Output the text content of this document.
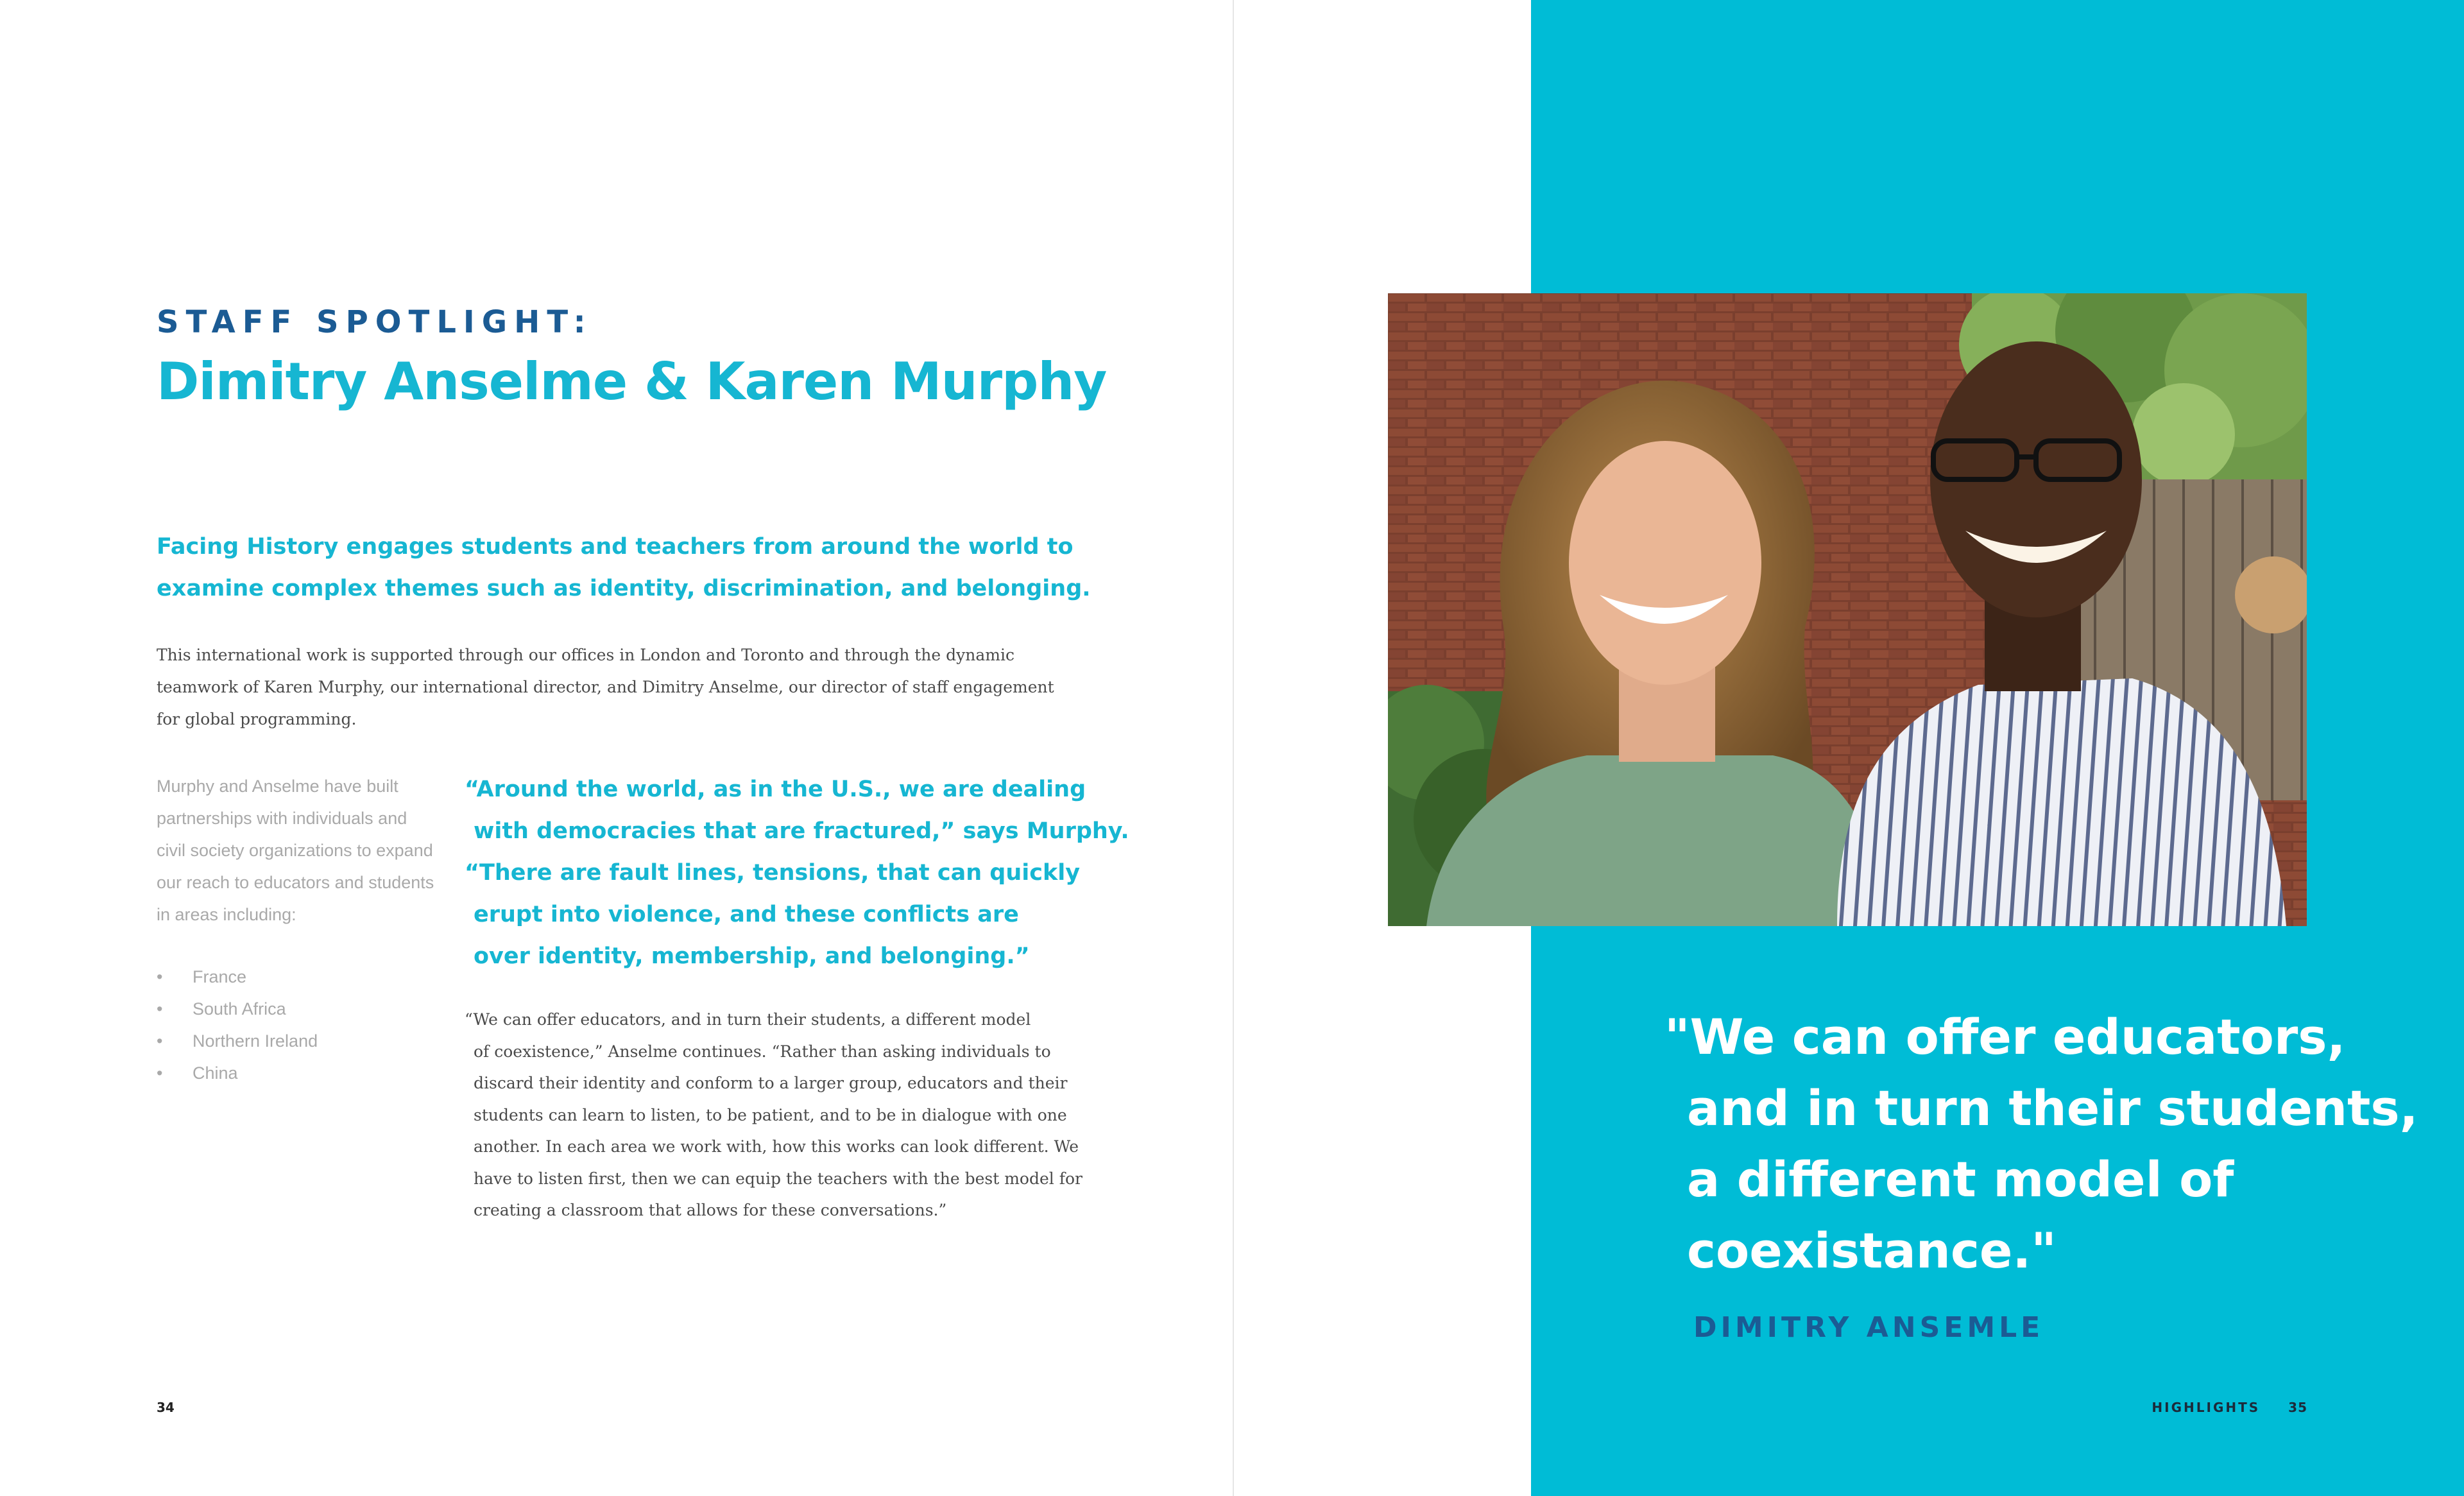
STAFF SPOTLIGHT:
Dimitry Anselme & Karen Murphy

Facing History engages students and teachers from around the world to
examine complex themes such as identity, discrimination, and belonging.

This international work is supported through our offices in London and Toronto and through the dynamic
teamwork of Karen Murphy, our international director, and Dimitry Anselme, our director of staff engagement
for global programming.

Murphy and Anselme have built
partnerships with individuals and
civil society organizations to expand
our reach to educators and students
in areas including:

• France
• South Africa
• Northern Ireland
• China

“Around the world, as in the U.S., we are dealing
with democracies that are fractured,” says Murphy.
“There are fault lines, tensions, that can quickly
erupt into violence, and these conflicts are
over identity, membership, and belonging.”

“We can offer educators, and in turn their students, a different model
of coexistence,” Anselme continues. “Rather than asking individuals to
discard their identity and conform to a larger group, educators and their
students can learn to listen, to be patient, and to be in dialogue with one
another. In each area we work with, how this works can look different. We
have to listen first, then we can equip the teachers with the best model for
creating a classroom that allows for these conversations.”

34

"We can offer educators,
and in turn their students,
a different model of
coexistance."

DIMITRY ANSEMLE
HIGHLIGHTS 35
